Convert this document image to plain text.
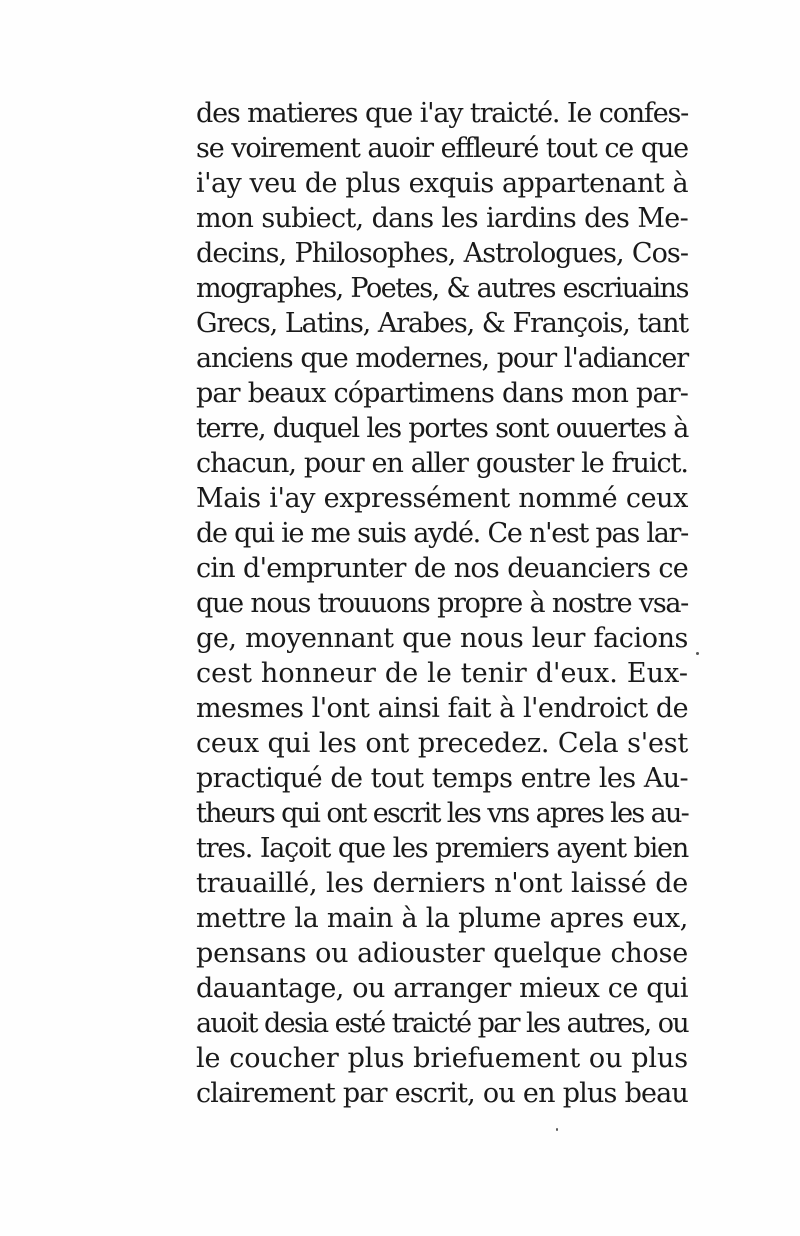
des matieres que i'ay traicté. Ie confes-
se voirement auoir effleuré tout ce que
i'ay veu de plus exquis appartenant à
mon subiect, dans les iardins des Me-
decins, Philosophes, Astrologues, Cos-
mographes, Poetes, & autres escriuains
Grecs, Latins, Arabes, & François, tant
anciens que modernes, pour l'adiancer
par beaux cópartimens dans mon par-
terre, duquel les portes sont ouuertes à
chacun, pour en aller gouster le fruict.
Mais i'ay expressément nommé ceux
de qui ie me suis aydé. Ce n'est pas lar-
cin d'emprunter de nos deuanciers ce
que nous trouuons propre à nostre vsa-
ge, moyennant que nous leur facions
cest honneur de le tenir d'eux. Eux-
mesmes l'ont ainsi fait à l'endroict de
ceux qui les ont precedez. Cela s'est
practiqué de tout temps entre les Au-
theurs qui ont escrit les vns apres les au-
tres. Iaçoit que les premiers ayent bien
trauaillé, les derniers n'ont laissé de
mettre la main à la plume apres eux,
pensans ou adiouster quelque chose
dauantage, ou arranger mieux ce qui
auoit desia esté traicté par les autres, ou
le coucher plus briefuement ou plus
clairement par escrit, ou en plus beau
